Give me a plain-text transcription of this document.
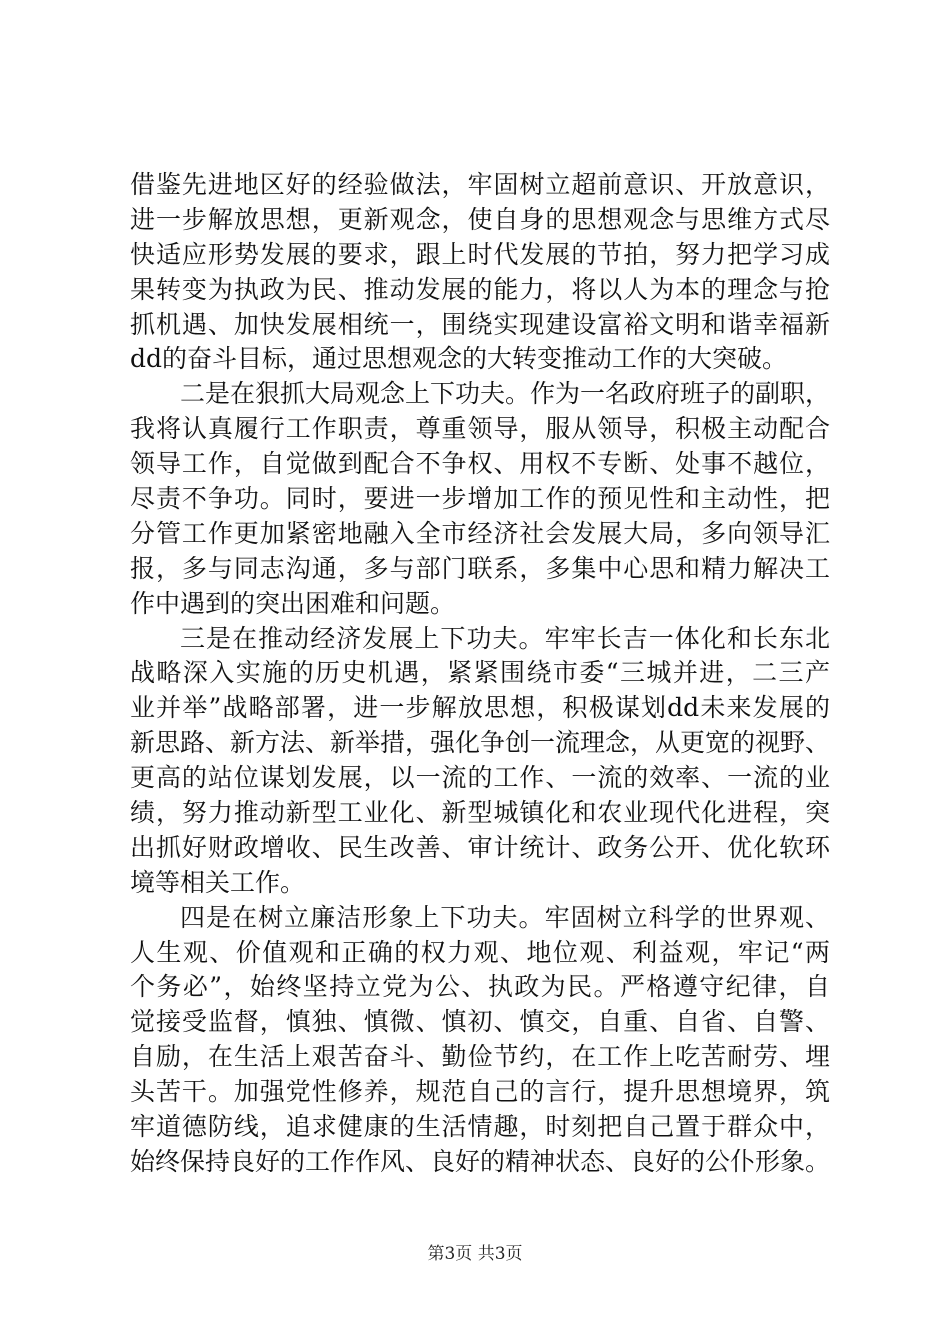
借鉴先进地区好的经验做法，牢固树立超前意识、开放意识，
进一步解放思想，更新观念，使自身的思想观念与思维方式尽
快适应形势发展的要求，跟上时代发展的节拍，努力把学习成
果转变为执政为民、推动发展的能力，将以人为本的理念与抢
抓机遇、加快发展相统一，围绕实现建设富裕文明和谐幸福新
dd的奋斗目标，通过思想观念的大转变推动工作的大突破。
二是在狠抓大局观念上下功夫。作为一名政府班子的副职，
我将认真履行工作职责，尊重领导，服从领导，积极主动配合
领导工作，自觉做到配合不争权、用权不专断、处事不越位，
尽责不争功。同时，要进一步增加工作的预见性和主动性，把
分管工作更加紧密地融入全市经济社会发展大局，多向领导汇
报，多与同志沟通，多与部门联系，多集中心思和精力解决工
作中遇到的突出困难和问题。
三是在推动经济发展上下功夫。牢牢长吉一体化和长东北
战略深入实施的历史机遇，紧紧围绕市委“三城并进，二三产
业并举”战略部署，进一步解放思想，积极谋划dd未来发展的
新思路、新方法、新举措，强化争创一流理念，从更宽的视野、
更高的站位谋划发展，以一流的工作、一流的效率、一流的业
绩，努力推动新型工业化、新型城镇化和农业现代化进程，突
出抓好财政增收、民生改善、审计统计、政务公开、优化软环
境等相关工作。
四是在树立廉洁形象上下功夫。牢固树立科学的世界观、
人生观、价值观和正确的权力观、地位观、利益观，牢记“两
个务必”，始终坚持立党为公、执政为民。严格遵守纪律，自
觉接受监督，慎独、慎微、慎初、慎交，自重、自省、自警、
自励，在生活上艰苦奋斗、勤俭节约，在工作上吃苦耐劳、埋
头苦干。加强党性修养，规范自己的言行，提升思想境界，筑
牢道德防线，追求健康的生活情趣，时刻把自己置于群众中，
始终保持良好的工作作风、良好的精神状态、良好的公仆形象。
第3页 共3页
